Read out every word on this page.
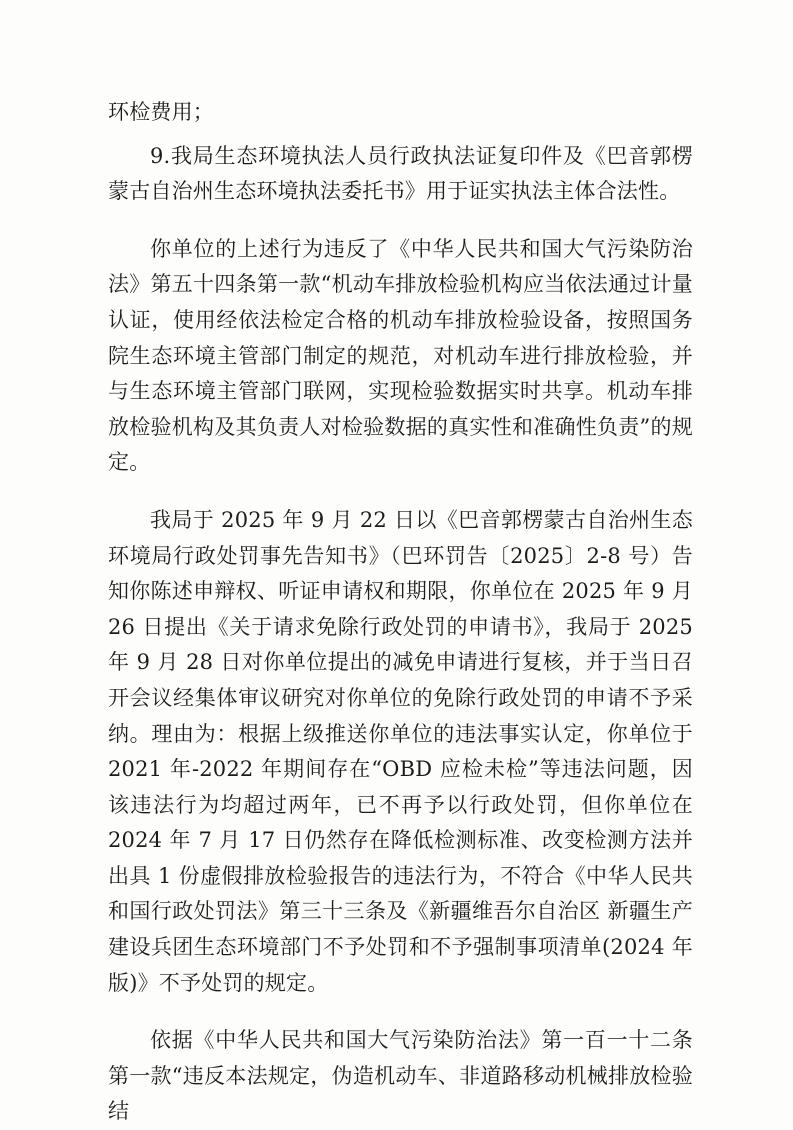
环检费用；

9.我局生态环境执法人员行政执法证复印件及《巴音郭楞蒙古自治州生态环境执法委托书》用于证实执法主体合法性。

你单位的上述行为违反了《中华人民共和国大气污染防治法》第五十四条第一款“机动车排放检验机构应当依法通过计量认证，使用经依法检定合格的机动车排放检验设备，按照国务院生态环境主管部门制定的规范，对机动车进行排放检验，并与生态环境主管部门联网，实现检验数据实时共享。机动车排放检验机构及其负责人对检验数据的真实性和准确性负责”的规定。

我局于 2025 年 9 月 22 日以《巴音郭楞蒙古自治州生态环境局行政处罚事先告知书》（巴环罚告〔2025〕2-8 号）告知你陈述申辩权、听证申请权和期限，你单位在 2025 年 9 月 26 日提出《关于请求免除行政处罚的申请书》，我局于 2025 年 9 月 28 日对你单位提出的减免申请进行复核，并于当日召开会议经集体审议研究对你单位的免除行政处罚的申请不予采纳。理由为：根据上级推送你单位的违法事实认定，你单位于 2021 年-2022 年期间存在“OBD 应检未检”等违法问题，因该违法行为均超过两年，已不再予以行政处罚，但你单位在 2024 年 7 月 17 日仍然存在降低检测标准、改变检测方法并出具 1 份虚假排放检验报告的违法行为，不符合《中华人民共和国行政处罚法》第三十三条及《新疆维吾尔自治区 新疆生产建设兵团生态环境部门不予处罚和不予强制事项清单(2024 年版)》不予处罚的规定。

依据《中华人民共和国大气污染防治法》第一百一十二条第一款“违反本法规定，伪造机动车、非道路移动机械排放检验结
